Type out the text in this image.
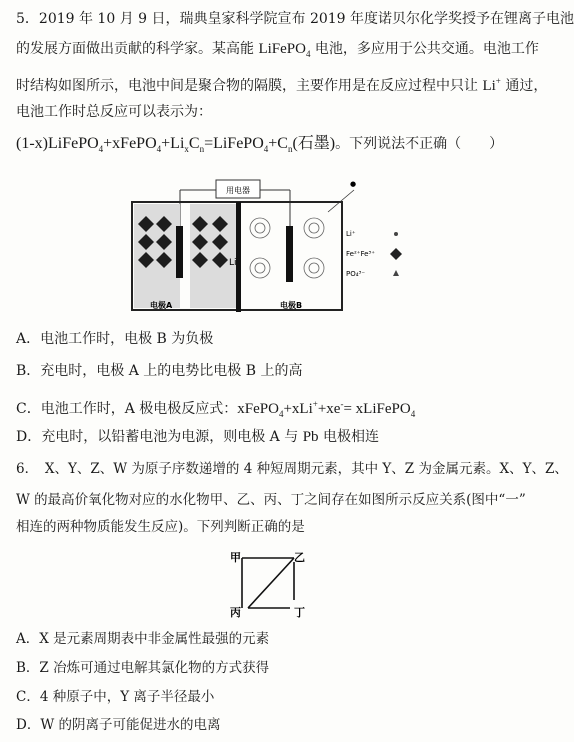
5．2019 年 10 月 9 日，瑞典皇家科学院宣布 2019 年度诺贝尔化学奖授予在锂离子电池
的发展方面做出贡献的科学家。某高能 LiFePO$_4$ 电池，多应用于公共交通。电池工作
时结构如图所示，电池中间是聚合物的隔膜，主要作用是在反应过程中只让 Li+ 通过，
电池工作时总反应可以表示为：
$(1-x)LiFePO_4+xFePO_4+Li_xC_n=LiFePO_4+C_n$(石墨)。下列说法不正确（　　）
用电器
Li
电极A	电极B
Li⁺
Fe²⁺Fe³⁺
PO₄³⁻
●
A．电池工作时，电极 B 为负极
B．充电时，电极 A 上的电势比电极 B 上的高
C．电池工作时，A 极电极反应式：xFePO$_4$+xLi++xe-= xLiFePO$_4$
D．充电时，以铅蓄电池为电源，则电极 A 与 Pb 电极相连
6．　X、Y、Z、W 为原子序数递增的 4 种短周期元素，其中 Y、Z 为金属元素。X、Y、Z、
W 的最高价氧化物对应的水化物甲、乙、丙、丁之间存在如图所示反应关系(图中“一”
相连的两种物质能发生反应)。下列判断正确的是
甲	乙
丙	丁
A．X 是元素周期表中非金属性最强的元素
B．Z 冶炼可通过电解其氯化物的方式获得
C．4 种原子中，Y 离子半径最小
D．W 的阴离子可能促进水的电离
